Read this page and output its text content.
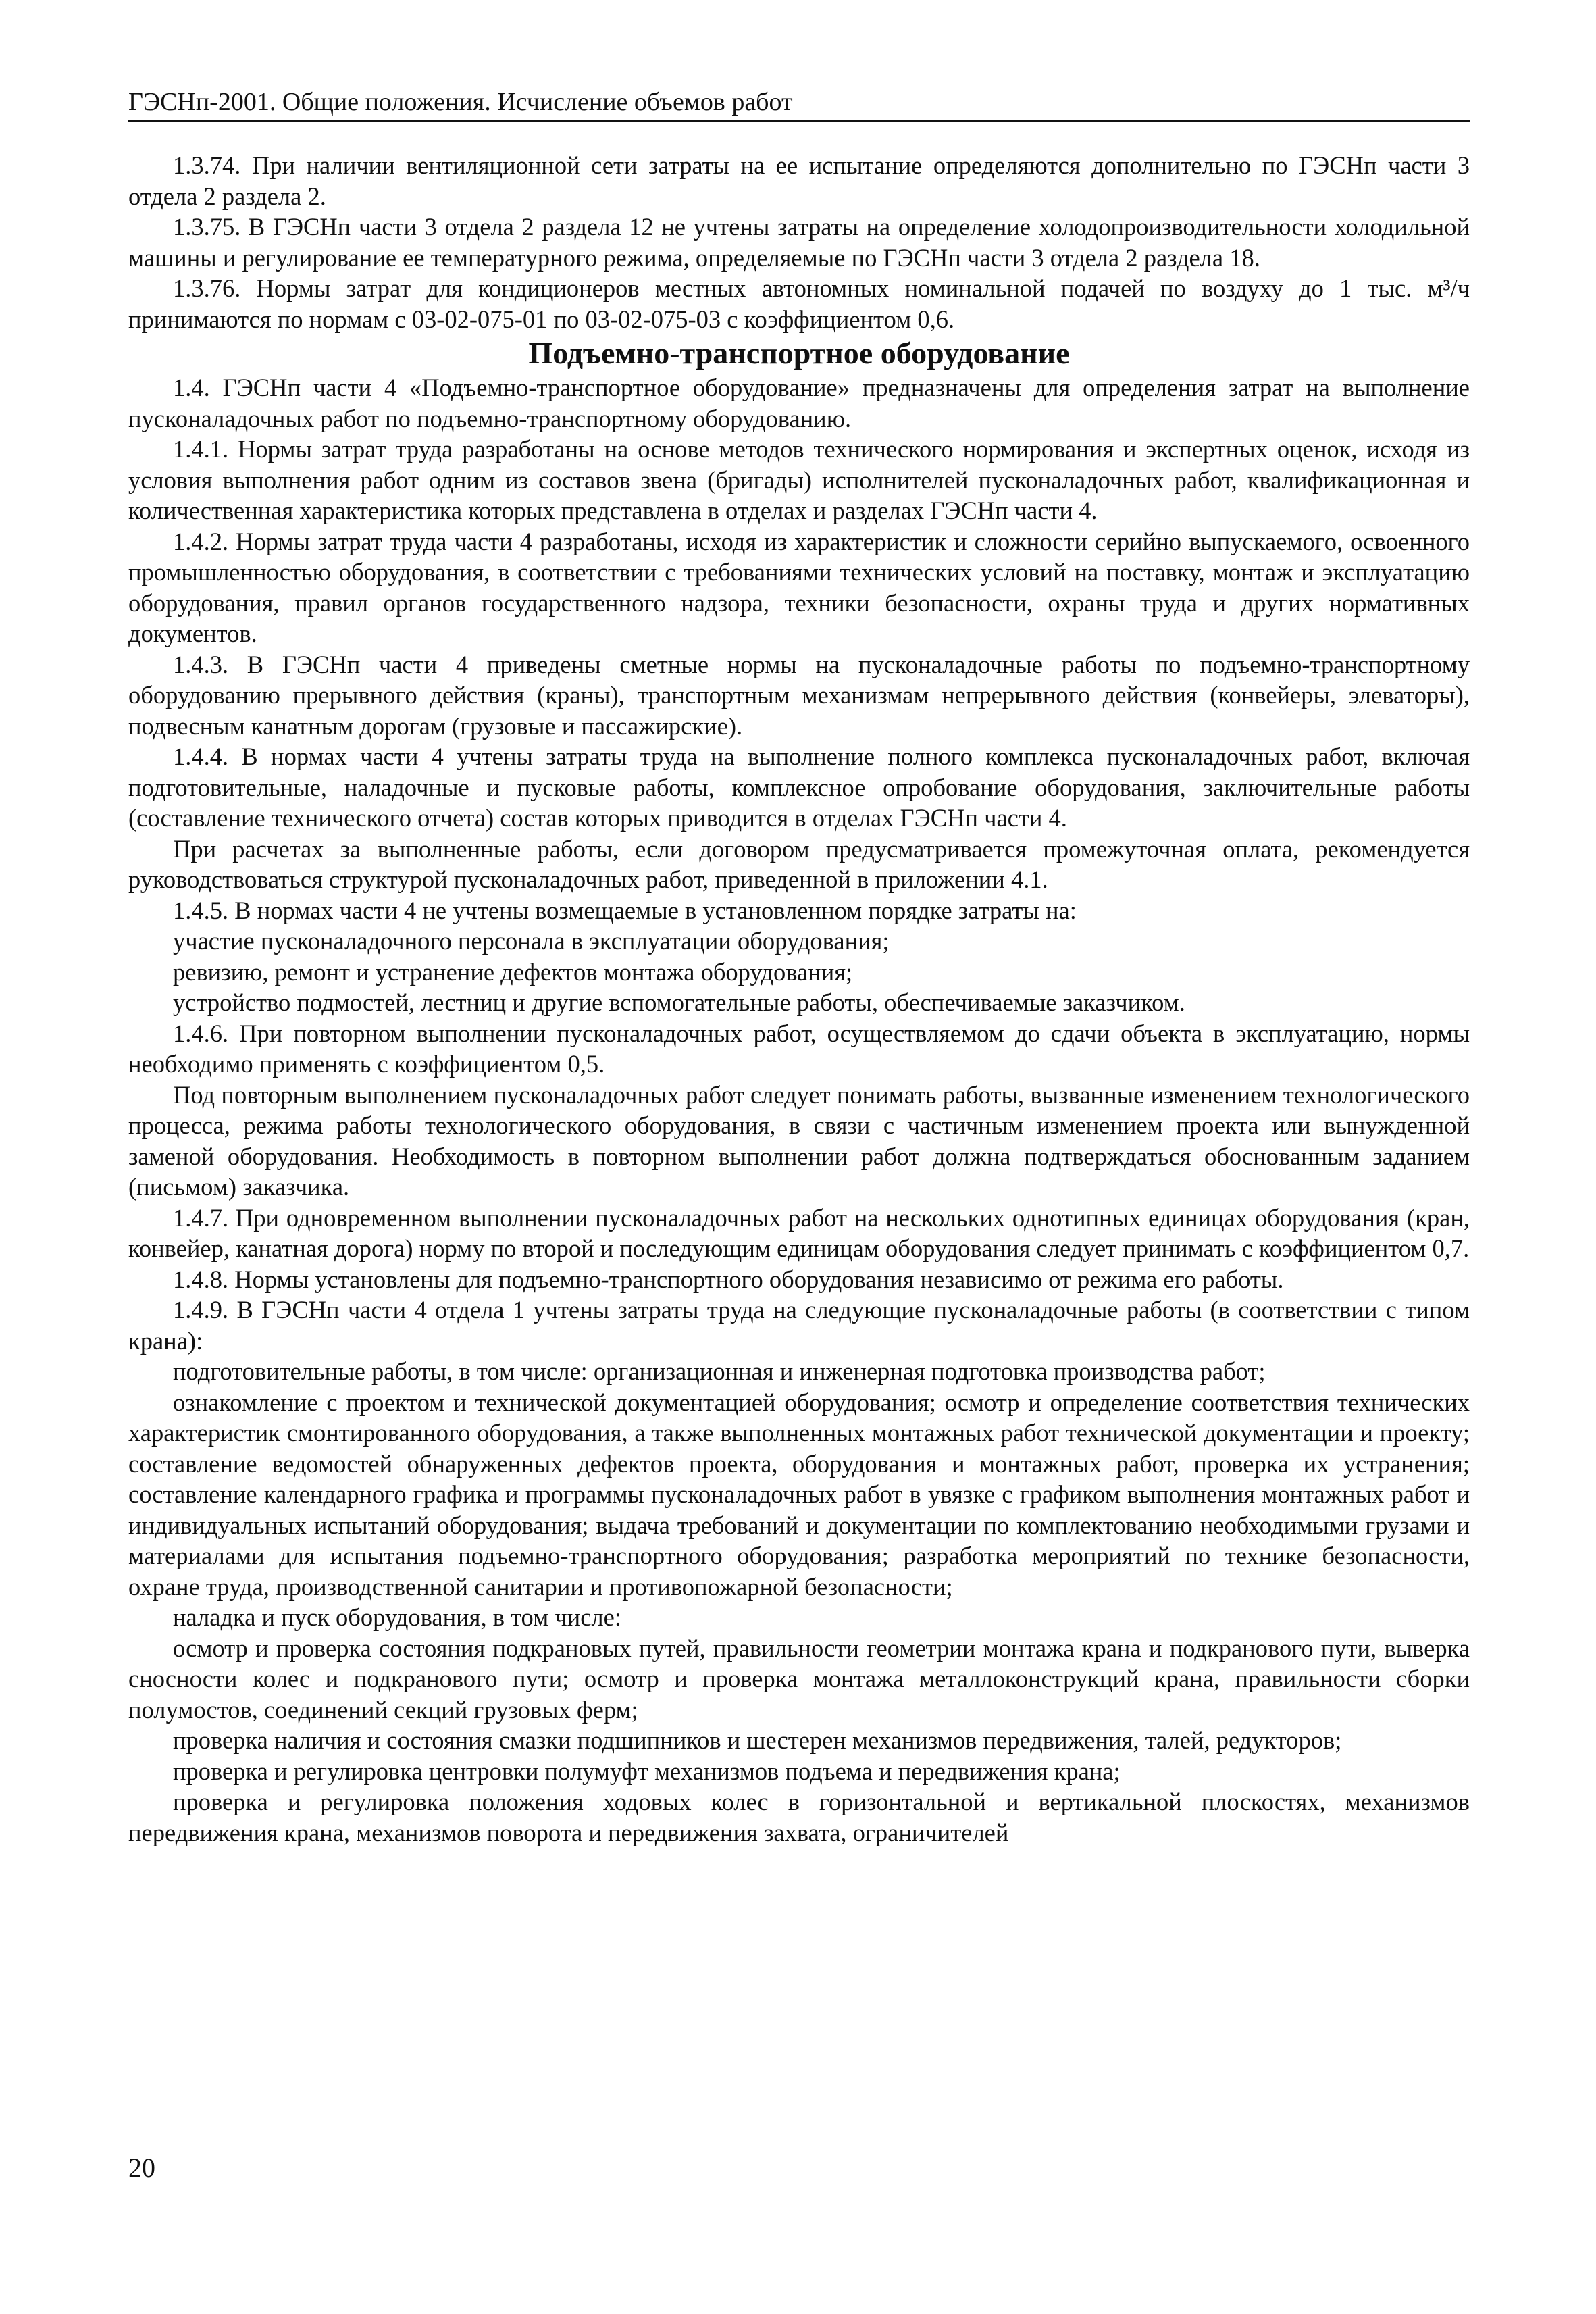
ГЭСНп-2001. Общие положения. Исчисление объемов работ

1.3.74. При наличии вентиляционной сети затраты на ее испытание определяются дополнительно по ГЭСНп части 3 отдела 2 раздела 2.

1.3.75. В ГЭСНп части 3 отдела 2 раздела 12 не учтены затраты на определение холодопроизводительности холодильной машины и регулирование ее температурного режима, определяемые по ГЭСНп части 3 отдела 2 раздела 18.

1.3.76. Нормы затрат для кондиционеров местных автономных номинальной подачей по воздуху до 1 тыс. м³/ч принимаются по нормам с 03-02-075-01 по 03-02-075-03 с коэффициентом 0,6.

Подъемно-транспортное оборудование

1.4. ГЭСНп части 4 «Подъемно-транспортное оборудование» предназначены для определения затрат на выполнение пусконаладочных работ по подъемно-транспортному оборудованию.

1.4.1. Нормы затрат труда разработаны на основе методов технического нормирования и экспертных оценок, исходя из условия выполнения работ одним из составов звена (бригады) исполнителей пусконаладочных работ, квалификационная и количественная характеристика которых представлена в отделах и разделах ГЭСНп части 4.

1.4.2. Нормы затрат труда части 4 разработаны, исходя из характеристик и сложности серийно выпускаемого, освоенного промышленностью оборудования, в соответствии с требованиями технических условий на поставку, монтаж и эксплуатацию оборудования, правил органов государственного надзора, техники безопасности, охраны труда и других нормативных документов.

1.4.3. В ГЭСНп части 4 приведены сметные нормы на пусконаладочные работы по подъемно-транспортному оборудованию прерывного действия (краны), транспортным механизмам непрерывного действия (конвейеры, элеваторы), подвесным канатным дорогам (грузовые и пассажирские).

1.4.4. В нормах части 4 учтены затраты труда на выполнение полного комплекса пусконаладочных работ, включая подготовительные, наладочные и пусковые работы, комплексное опробование оборудования, заключительные работы (составление технического отчета) состав которых приводится в отделах ГЭСНп части 4.

При расчетах за выполненные работы, если договором предусматривается промежуточная оплата, рекомендуется руководствоваться структурой пусконаладочных работ, приведенной в приложении 4.1.

1.4.5. В нормах части 4 не учтены возмещаемые в установленном порядке затраты на:

участие пусконаладочного персонала в эксплуатации оборудования;

ревизию, ремонт и устранение дефектов монтажа оборудования;

устройство подмостей, лестниц и другие вспомогательные работы, обеспечиваемые заказчиком.

1.4.6. При повторном выполнении пусконаладочных работ, осуществляемом до сдачи объекта в эксплуатацию, нормы необходимо применять с коэффициентом 0,5.

Под повторным выполнением пусконаладочных работ следует понимать работы, вызванные изменением технологического процесса, режима работы технологического оборудования, в связи с частичным изменением проекта или вынужденной заменой оборудования. Необходимость в повторном выполнении работ должна подтверждаться обоснованным заданием (письмом) заказчика.

1.4.7. При одновременном выполнении пусконаладочных работ на нескольких однотипных единицах оборудования (кран, конвейер, канатная дорога) норму по второй и последующим единицам оборудования следует принимать с коэффициентом 0,7.

1.4.8. Нормы установлены для подъемно-транспортного оборудования независимо от режима его работы.

1.4.9. В ГЭСНп части 4 отдела 1 учтены затраты труда на следующие пусконаладочные работы (в соответствии с типом крана):

подготовительные работы, в том числе: организационная и инженерная подготовка производства работ;

ознакомление с проектом и технической документацией оборудования; осмотр и определение соответствия технических характеристик смонтированного оборудования, а также выполненных монтажных работ технической документации и проекту; составление ведомостей обнаруженных дефектов проекта, оборудования и монтажных работ, проверка их устранения; составление календарного графика и программы пусконаладочных работ в увязке с графиком выполнения монтажных работ и индивидуальных испытаний оборудования; выдача требований и документации по комплектованию необходимыми грузами и материалами для испытания подъемно-транспортного оборудования; разработка мероприятий по технике безопасности, охране труда, производственной санитарии и противопожарной безопасности;

наладка и пуск оборудования, в том числе:

осмотр и проверка состояния подкрановых путей, правильности геометрии монтажа крана и подкранового пути, выверка сносности колес и подкранового пути; осмотр и проверка монтажа металлоконструкций крана, правильности сборки полумостов, соединений секций грузовых ферм;

проверка наличия и состояния смазки подшипников и шестерен механизмов передвижения, талей, редукторов;

проверка и регулировка центровки полумуфт механизмов подъема и передвижения крана;

проверка и регулировка положения ходовых колес в горизонтальной и вертикальной плоскостях, механизмов передвижения крана, механизмов поворота и передвижения захвата, ограничителей

20
